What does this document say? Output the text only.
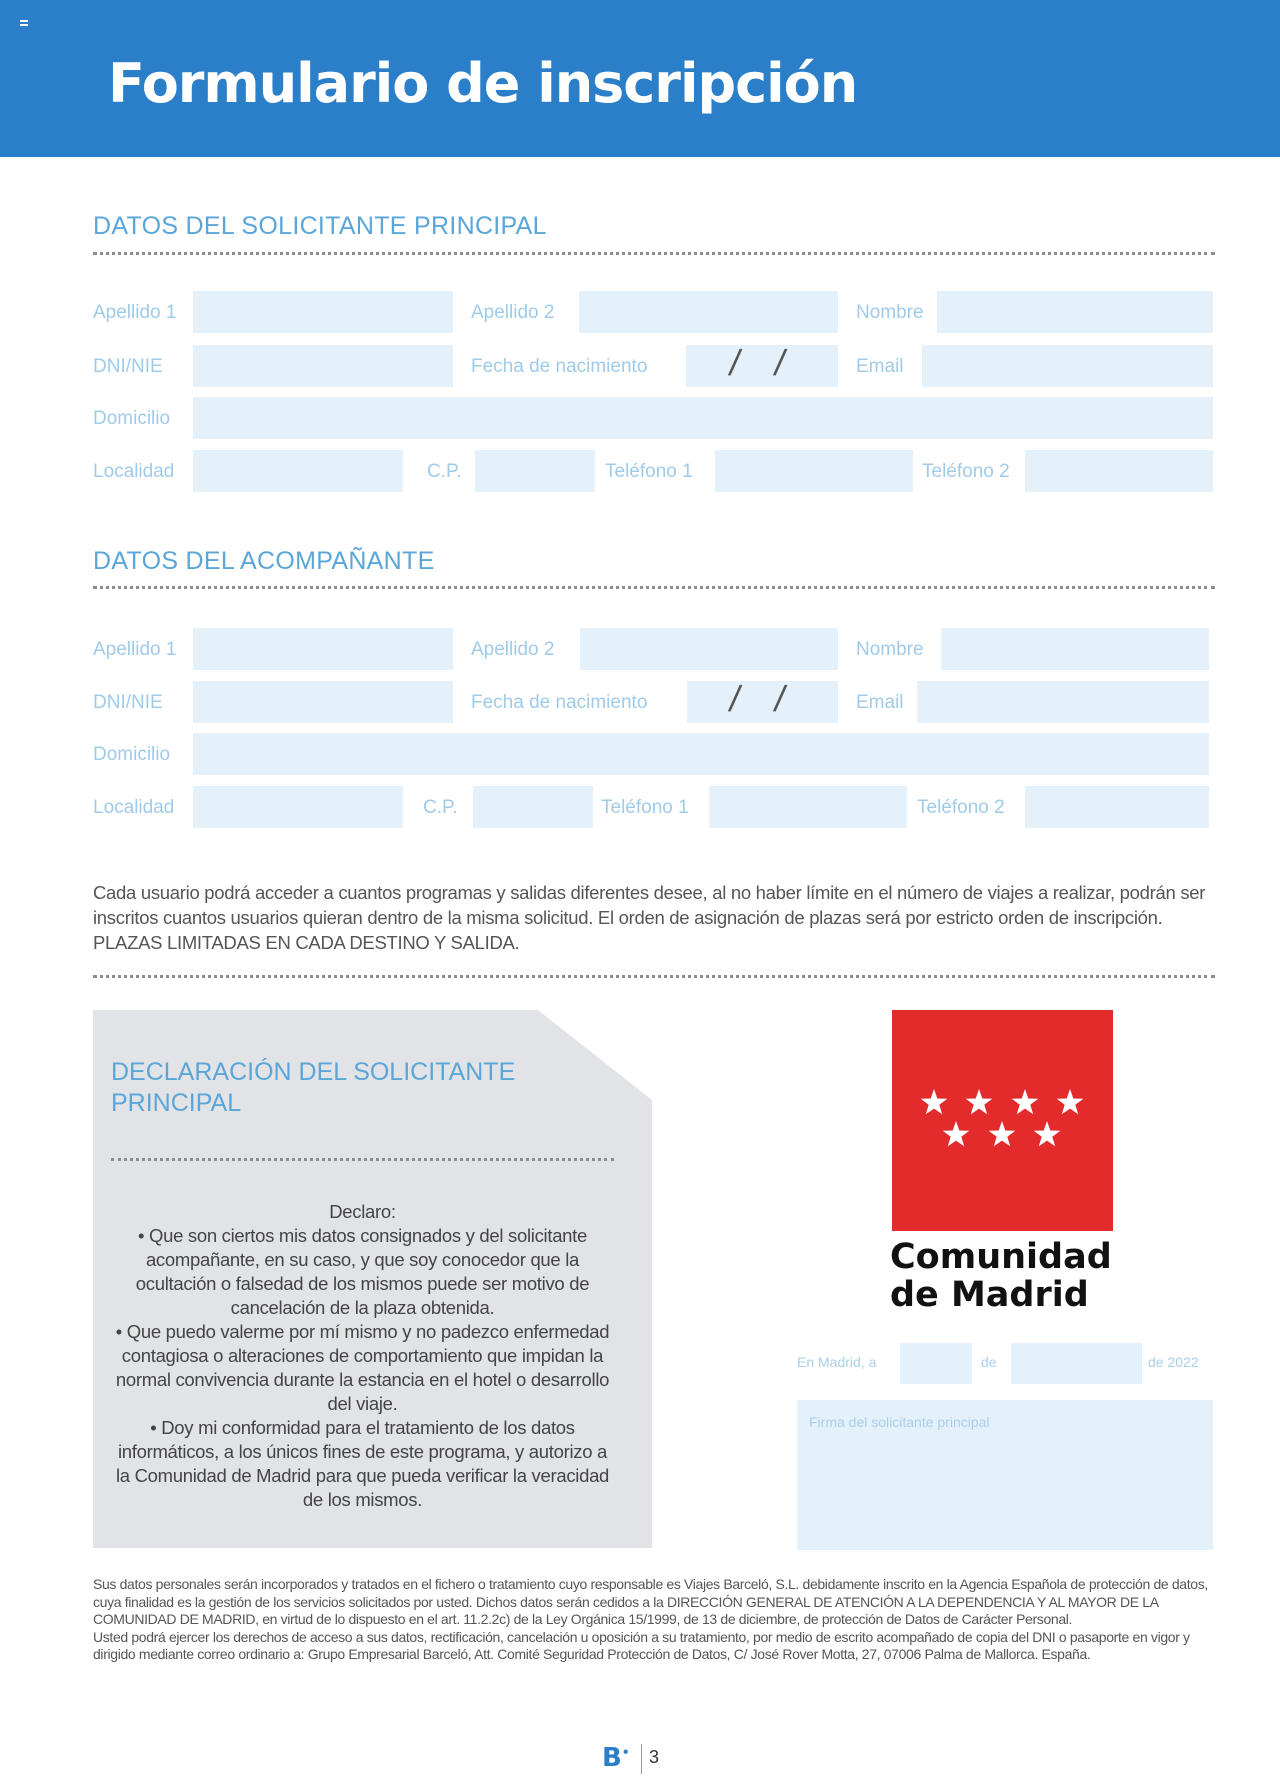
Formulario de inscripción
DATOS DEL SOLICITANTE PRINCIPAL
Apellido 1	Apellido 2	Nombre
DNI/NIE	Fecha de nacimiento / /	Email
Domicilio
Localidad	C.P.	Teléfono 1	Teléfono 2
DATOS DEL ACOMPAÑANTE
Apellido 1	Apellido 2	Nombre
DNI/NIE	Fecha de nacimiento / /	Email
Domicilio
Localidad	C.P.	Teléfono 1	Teléfono 2
Cada usuario podrá acceder a cuantos programas y salidas diferentes desee, al no haber límite en el número de viajes a realizar, podrán ser inscritos cuantos usuarios quieran dentro de la misma solicitud. El orden de asignación de plazas será por estricto orden de inscripción. PLAZAS LIMITADAS EN CADA DESTINO Y SALIDA.
DECLARACIÓN DEL SOLICITANTE PRINCIPAL

Declaro:

• Que son ciertos mis datos consignados y del solicitante acompañante, en su caso, y que soy conocedor que la ocultación o falsedad de los mismos puede ser motivo de cancelación de la plaza obtenida.

• Que puedo valerme por mí mismo y no padezco enfermedad contagiosa o alteraciones de comportamiento que impidan la normal convivencia durante la estancia en el hotel o desarrollo del viaje.

• Doy mi conformidad para el tratamiento de los datos informáticos, a los únicos fines de este programa, y autorizo a la Comunidad de Madrid para que pueda verificar la veracidad de los mismos.

Comunidad
de Madrid
En Madrid, a	de	de 2022
Firma del solicitante principal

Sus datos personales serán incorporados y tratados en el fichero o tratamiento cuyo responsable es Viajes Barceló, S.L. debidamente inscrito en la Agencia Española de protección de datos, cuya finalidad es la gestión de los servicios solicitados por usted. Dichos datos serán cedidos a la DIRECCIÓN GENERAL DE ATENCIÓN A LA DEPENDENCIA Y AL MAYOR DE LA COMUNIDAD DE MADRID, en virtud de lo dispuesto en el art. 11.2.2c) de la Ley Orgánica 15/1999, de 13 de diciembre, de protección de Datos de Carácter Personal.

Usted podrá ejercer los derechos de acceso a sus datos, rectificación, cancelación u oposición a su tratamiento, por medio de escrito acompañado de copia del DNI o pasaporte en vigor y dirigido mediante correo ordinario a: Grupo Empresarial Barceló, Att. Comité Seguridad Protección de Datos, C/ José Rover Motta, 27, 07006 Palma de Mallorca. España.

B• 3
